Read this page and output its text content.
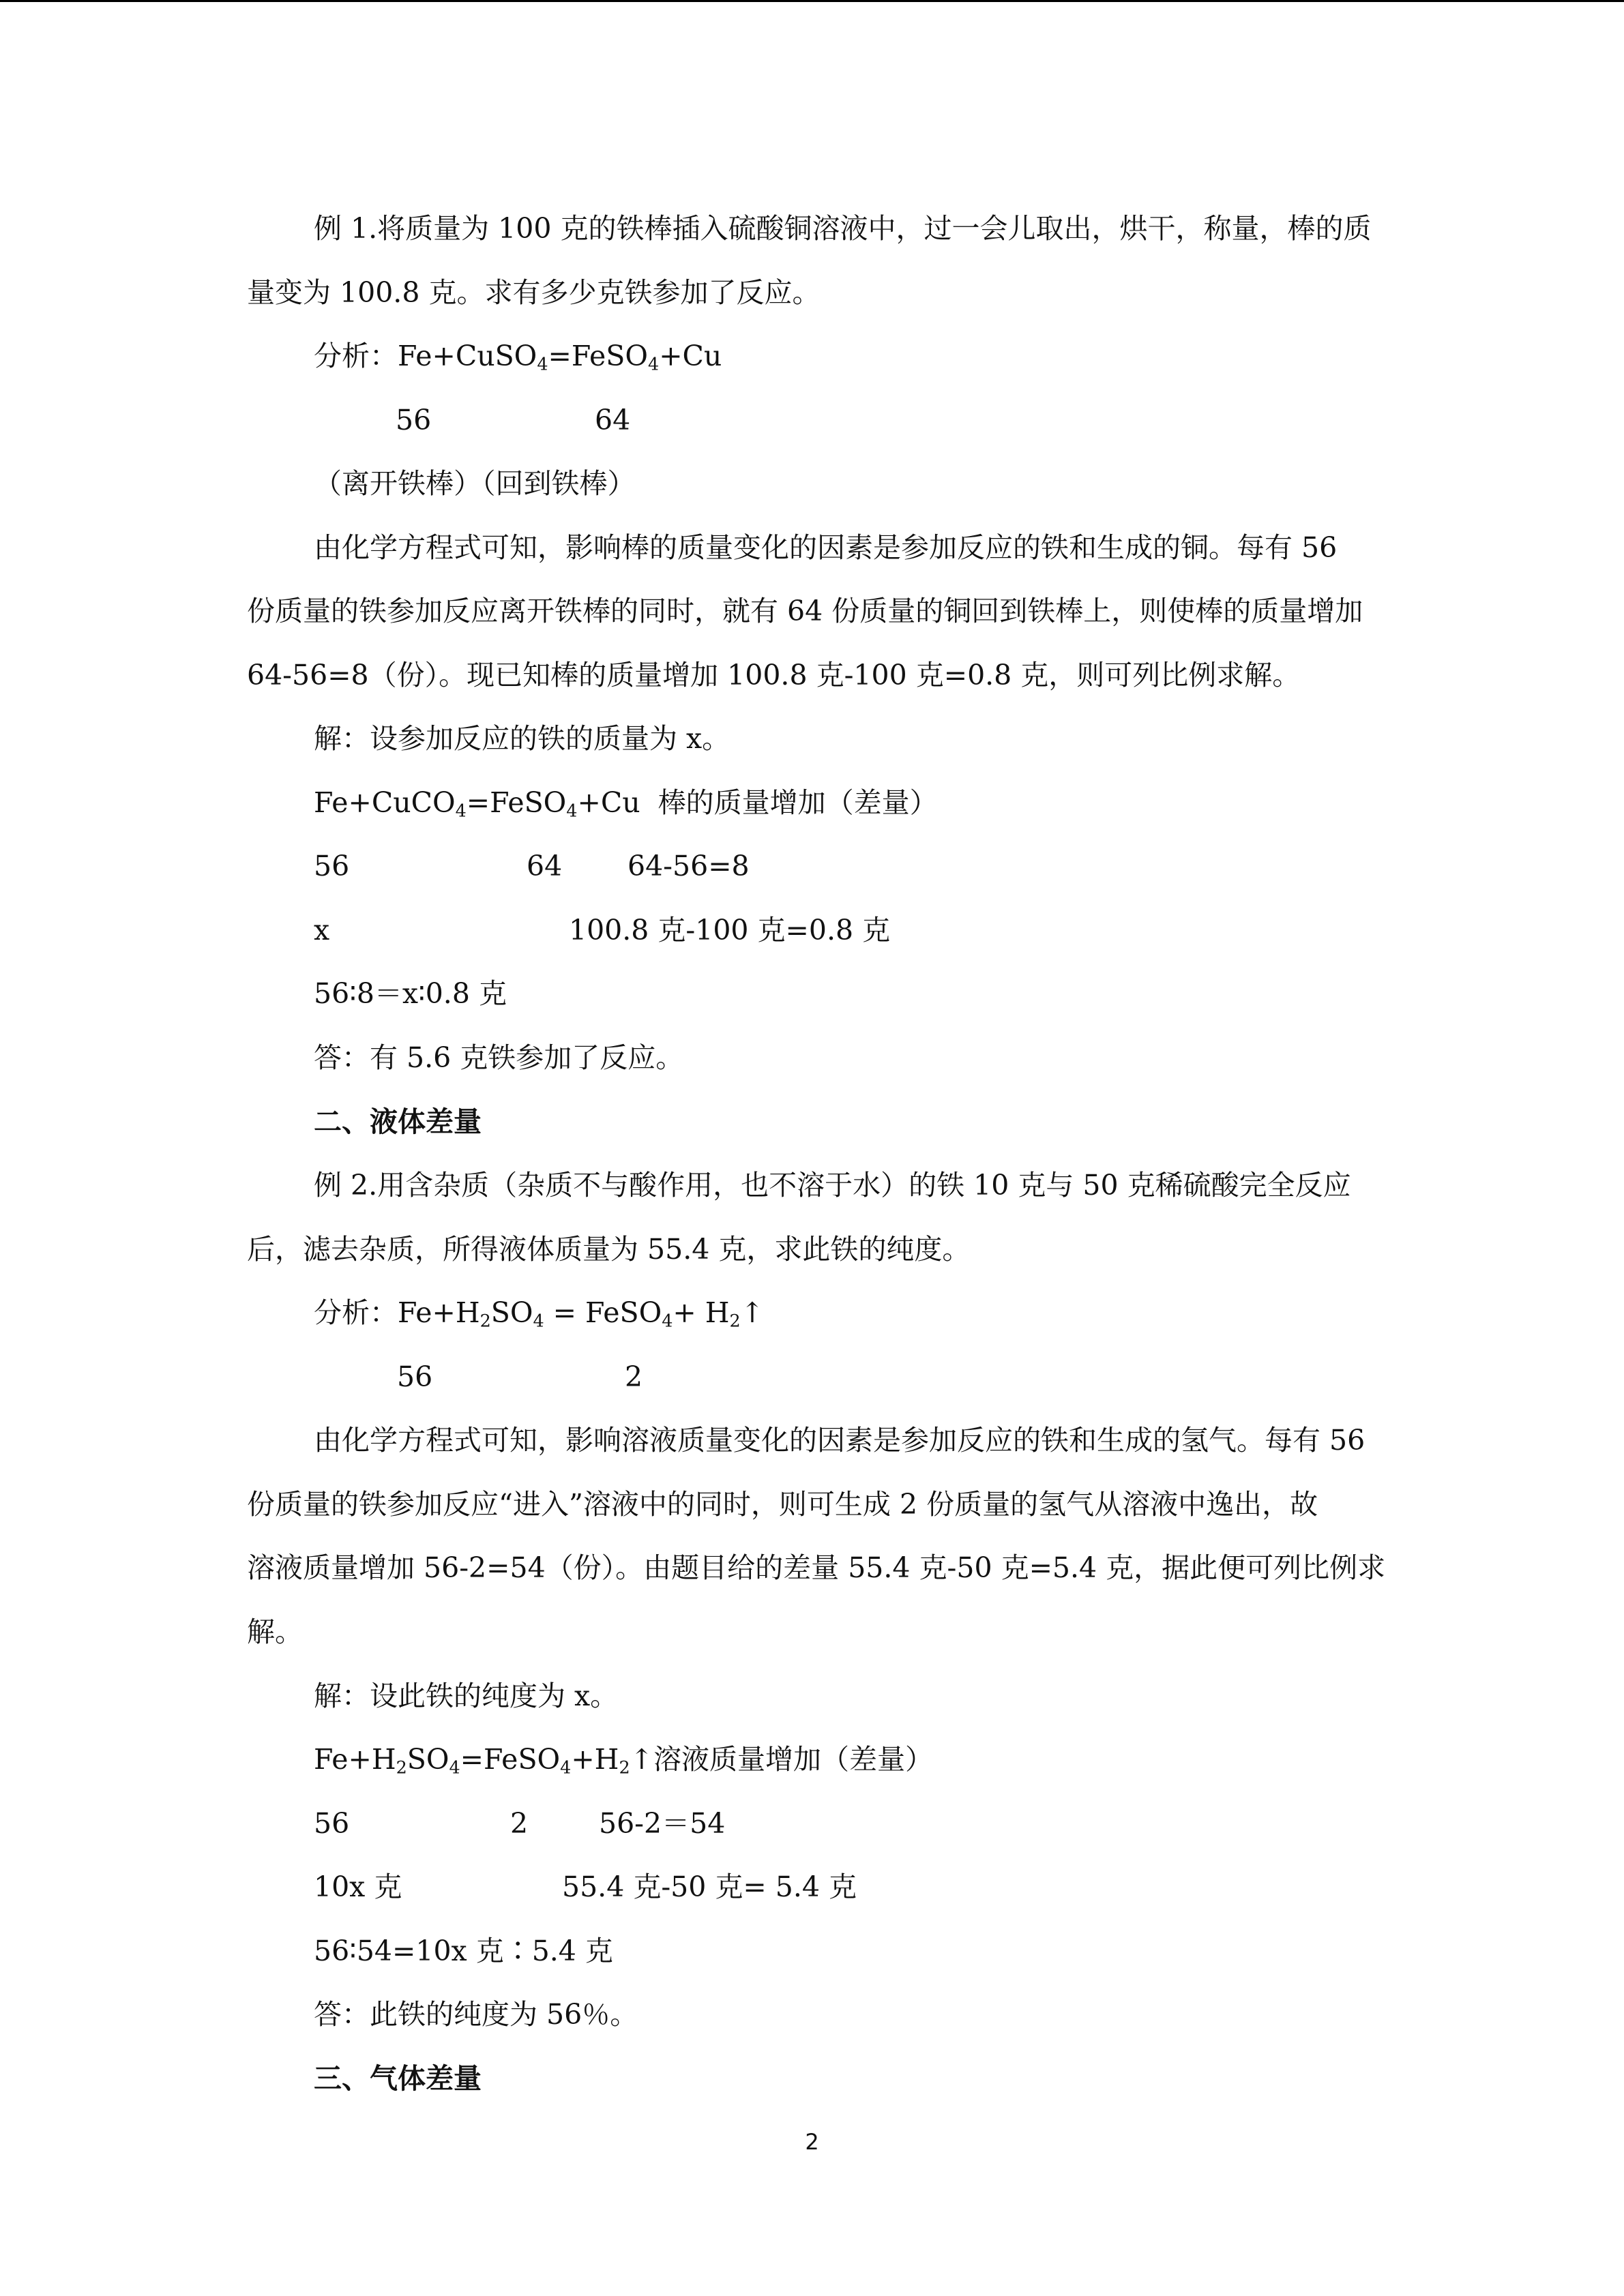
例 1.将质量为 100 克的铁棒插入硫酸铜溶液中，过一会儿取出，烘干，称量，棒的质
量变为 100.8 克。求有多少克铁参加了反应。
分析：Fe+CuSO$_4$=FeSO$_4$+Cu
56	64
（离开铁棒）（回到铁棒）
由化学方程式可知，影响棒的质量变化的因素是参加反应的铁和生成的铜。每有 56
份质量的铁参加反应离开铁棒的同时，就有 64 份质量的铜回到铁棒上，则使棒的质量增加
64-56=8（份）。现已知棒的质量增加 100.8 克-100 克=0.8 克，则可列比例求解。
解：设参加反应的铁的质量为 x。
Fe+CuCO$_4$=FeSO$_4$+Cu 棒的质量增加（差量）
56	64 64-56=8
x	100.8 克-100 克=0.8 克
56∶8＝x∶0.8 克
答：有 5.6 克铁参加了反应。
二、液体差量
例 2.用含杂质（杂质不与酸作用，也不溶于水）的铁 10 克与 50 克稀硫酸完全反应
后，滤去杂质，所得液体质量为 55.4 克，求此铁的纯度。
分析：$Fe+H_2SO_4$ = FeSO$_4$+ $H_2↑$
56	2
由化学方程式可知，影响溶液质量变化的因素是参加反应的铁和生成的氢气。每有 56
份质量的铁参加反应“进入”溶液中的同时，则可生成 2 份质量的氢气从溶液中逸出，故
溶液质量增加 56-2=54（份）。由题目给的差量 55.4 克-50 克=5.4 克，据此便可列比例求
解。
解：设此铁的纯度为 x。
$Fe+H_2SO_4=FeSO_4+H_2↑$溶液质量增加（差量）
56	2	56-2＝54
10x 克	55.4 克-50 克= 5.4 克
56∶54=10x 克∶5.4 克
答：此铁的纯度为 56％。
三、气体差量
2
